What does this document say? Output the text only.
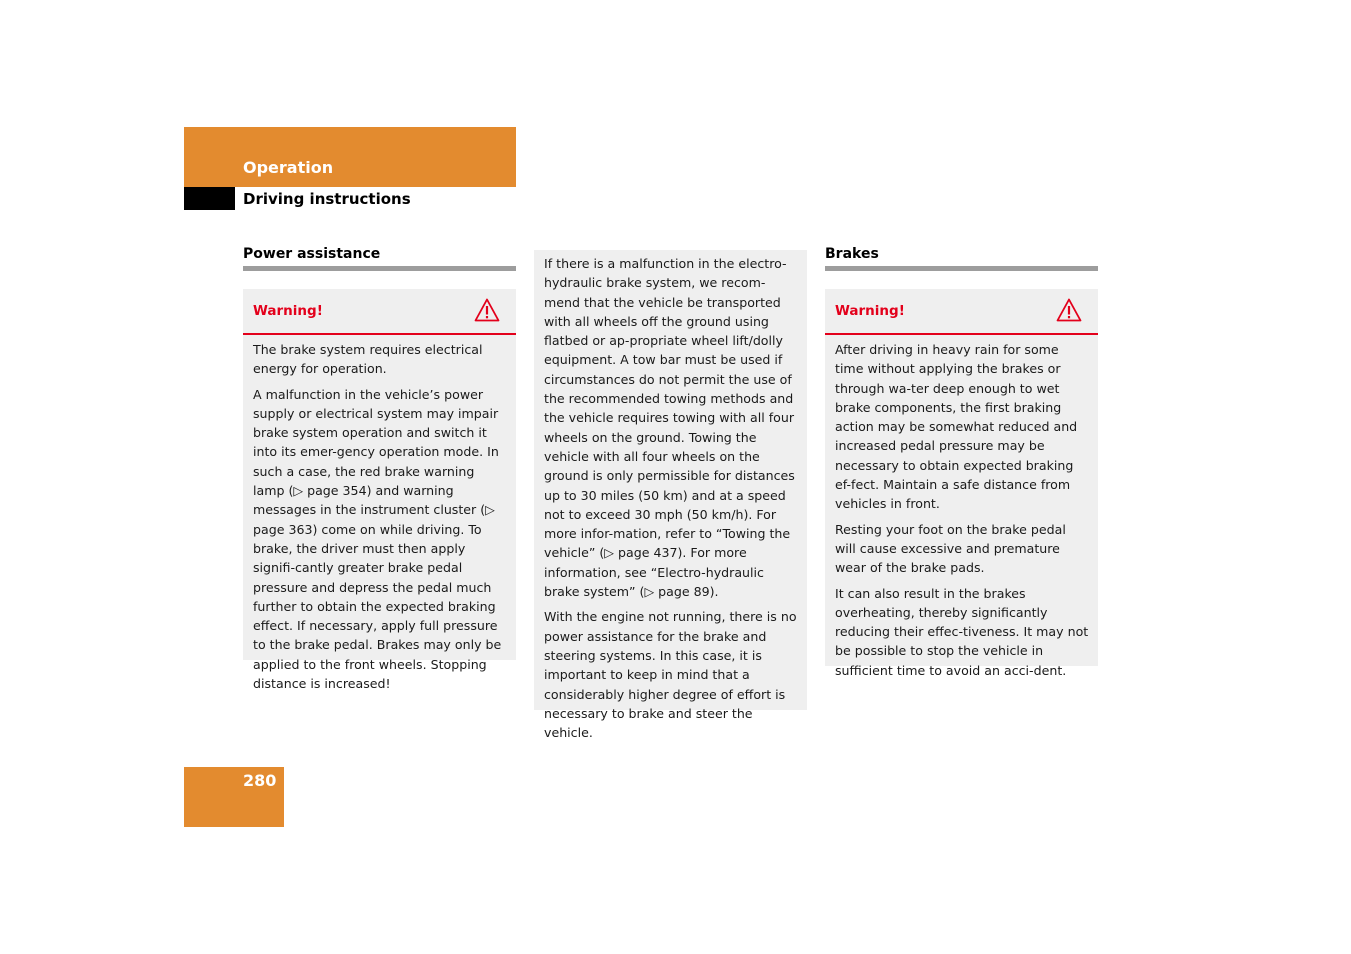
Operation
Driving instructions
Power assistance
Warning!

The brake system requires electrical energy for operation.

A malfunction in the vehicle’s power supply or electrical system may impair brake system operation and switch it into its emer-gency operation mode. In such a case, the red brake warning lamp (▷ page 354) and warning messages in the instrument cluster (▷ page 363) come on while driving. To brake, the driver must then apply signifi-cantly greater brake pedal pressure and depress the pedal much further to obtain the expected braking effect. If necessary, apply full pressure to the brake pedal. Brakes may only be applied to the front wheels. Stopping distance is increased!

If there is a malfunction in the electro-hydraulic brake system, we recom-mend that the vehicle be transported with all wheels off the ground using flatbed or ap-propriate wheel lift/dolly equipment. A tow bar must be used if circumstances do not permit the use of the recommended towing methods and the vehicle requires towing with all four wheels on the ground. Towing the vehicle with all four wheels on the ground is only permissible for distances up to 30 miles (50 km) and at a speed not to exceed 30 mph (50 km/h). For more infor-mation, refer to “Towing the vehicle” (▷ page 437). For more information, see “Electro-hydraulic brake system” (▷ page 89).

With the engine not running, there is no power assistance for the brake and steering systems. In this case, it is important to keep in mind that a considerably higher degree of effort is necessary to brake and steer the vehicle.

Brakes
Warning!

After driving in heavy rain for some time without applying the brakes or through wa-ter deep enough to wet brake components, the first braking action may be somewhat reduced and increased pedal pressure may be necessary to obtain expected braking ef-fect. Maintain a safe distance from vehicles in front.

Resting your foot on the brake pedal will cause excessive and premature wear of the brake pads.

It can also result in the brakes overheating, thereby significantly reducing their effec-tiveness. It may not be possible to stop the vehicle in sufficient time to avoid an acci-dent.

280
